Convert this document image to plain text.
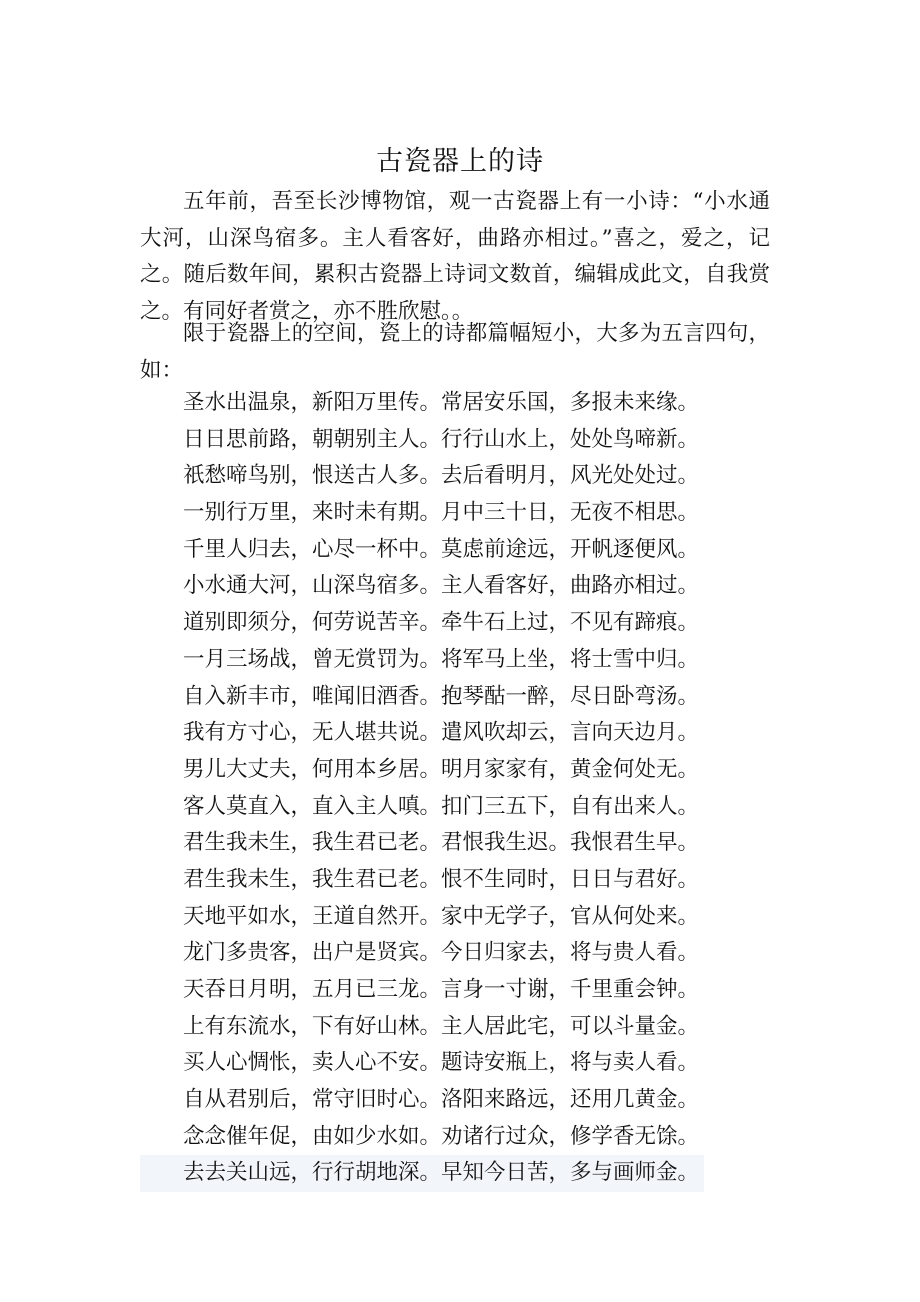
古瓷器上的诗

五年前，吾至长沙博物馆，观一古瓷器上有一小诗：“小水通大河，山深鸟宿多。主人看客好，曲路亦相过。”喜之，爱之，记之。随后数年间，累积古瓷器上诗词文数首，编辑成此文，自我赏之。有同好者赏之，亦不胜欣慰。。

限于瓷器上的空间，瓷上的诗都篇幅短小，大多为五言四句，如：

圣水出温泉，新阳万里传。常居安乐国，多报未来缘。
日日思前路，朝朝别主人。行行山水上，处处鸟啼新。
祇愁啼鸟别，恨送古人多。去后看明月，风光处处过。
一别行万里，来时未有期。月中三十日，无夜不相思。
千里人归去，心尽一杯中。莫虑前途远，开帆逐便风。
小水通大河，山深鸟宿多。主人看客好，曲路亦相过。
道别即须分，何劳说苦辛。牵牛石上过，不见有蹄痕。
一月三场战，曾无赏罚为。将军马上坐，将士雪中归。
自入新丰市，唯闻旧酒香。抱琴酤一醉，尽日卧弯汤。
我有方寸心，无人堪共说。遣风吹却云，言向天边月。
男儿大丈夫，何用本乡居。明月家家有，黄金何处无。
客人莫直入，直入主人嗔。扣门三五下，自有出来人。
君生我未生，我生君已老。君恨我生迟。我恨君生早。
君生我未生，我生君已老。恨不生同时，日日与君好。
天地平如水，王道自然开。家中无学子，官从何处来。
龙门多贵客，出户是贤宾。今日归家去，将与贵人看。
天吞日月明，五月已三龙。言身一寸谢，千里重会钟。
上有东流水，下有好山林。主人居此宅，可以斗量金。
买人心惆怅，卖人心不安。题诗安瓶上，将与卖人看。
自从君别后，常守旧时心。洛阳来路远，还用几黄金。
念念催年促，由如少水如。劝诸行过众，修学香无馀。
去去关山远，行行胡地深。早知今日苦，多与画师金。
